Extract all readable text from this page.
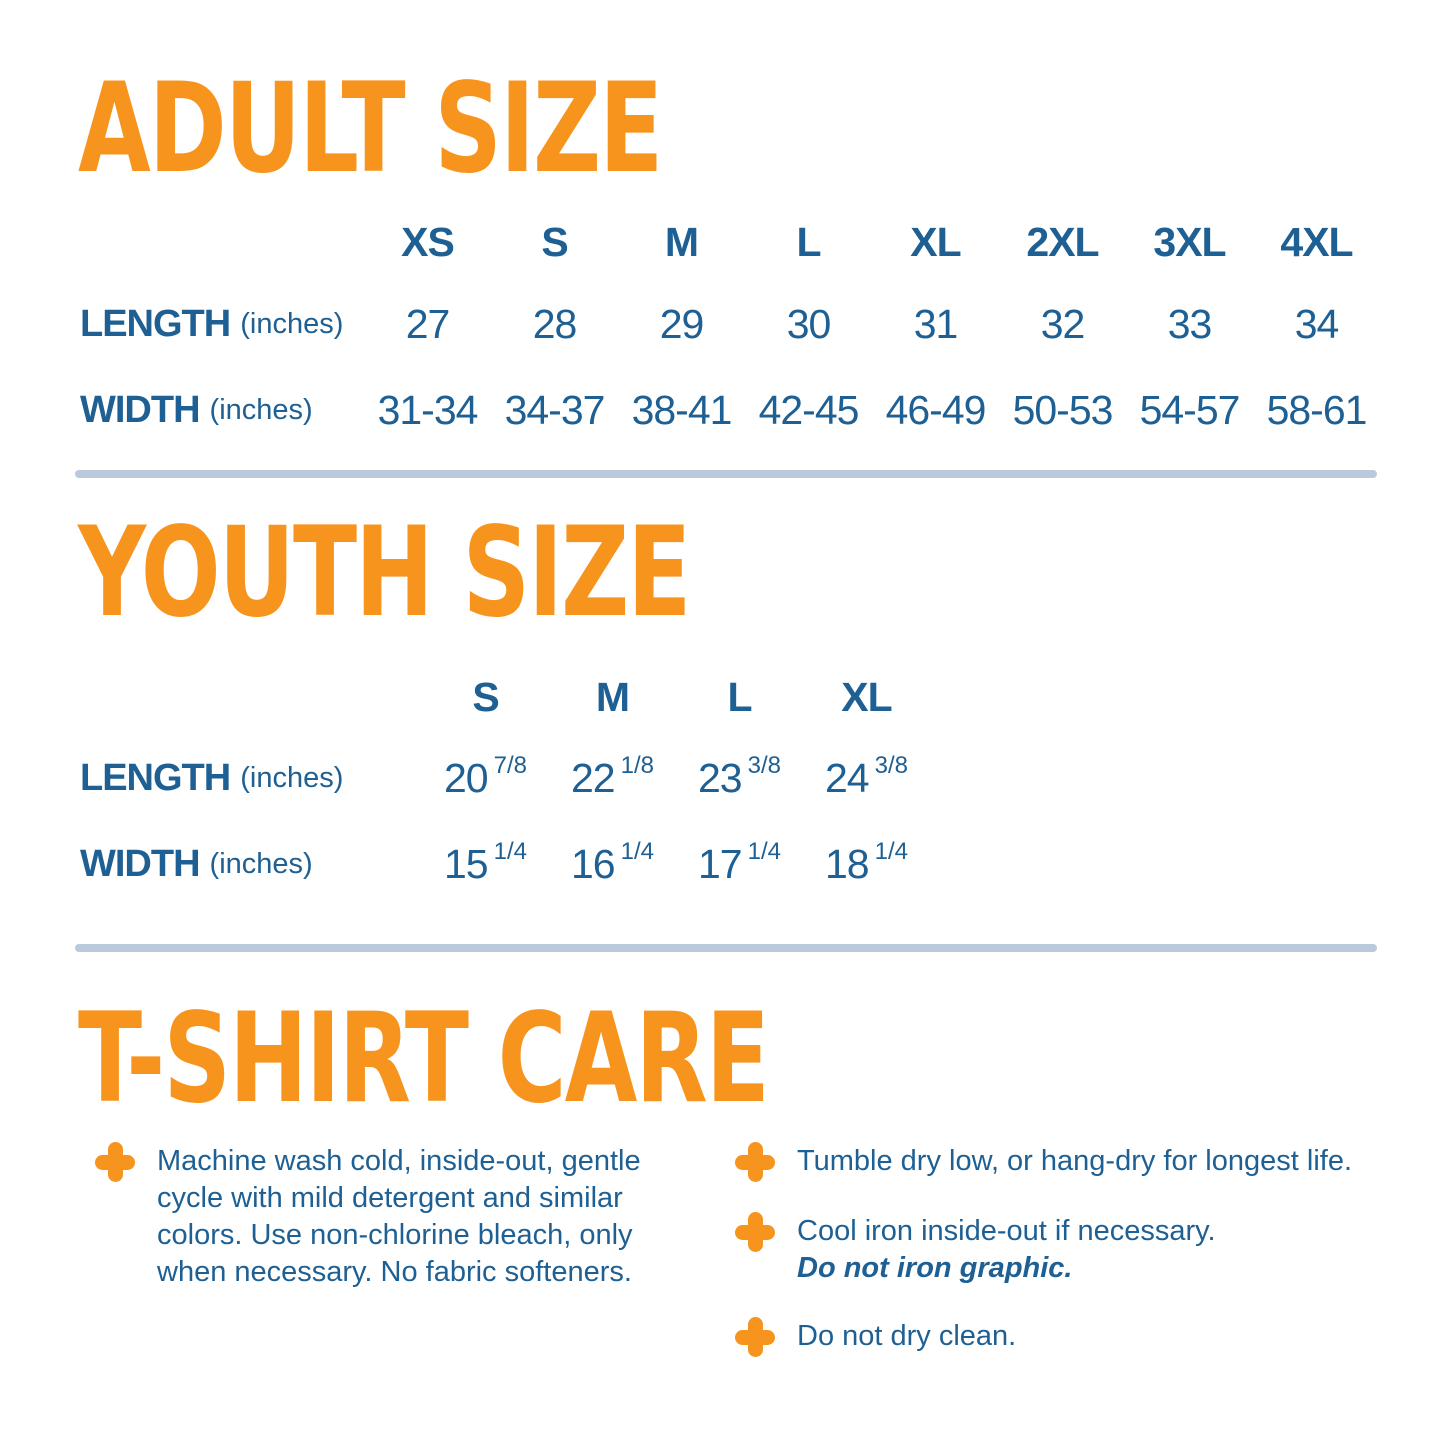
ADULT SIZE
XS	S	M	L	XL	2XL	3XL	4XL
LENGTH (inches)	27	28	29	30	31	32	33	34
WIDTH (inches)	31-34 34-37 38-41 42-45 46-49 50-53 54-57 58-61
YOUTH SIZE
S	M	L	XL
LENGTH (inches) 20 7/8 22 1/8 23 3/8 24 3/8
WIDTH (inches)	15 1/4 16 1/4 17 1/4 18 1/4
T-SHIRT CARE
Machine wash cold, inside-out, gentle cycle with mild detergent and similar colors. Use non-chlorine bleach, only when necessary. No fabric softeners.
Tumble dry low, or hang-dry for longest life.
Cool iron inside-out if necessary.
Do not iron graphic.
Do not dry clean.
